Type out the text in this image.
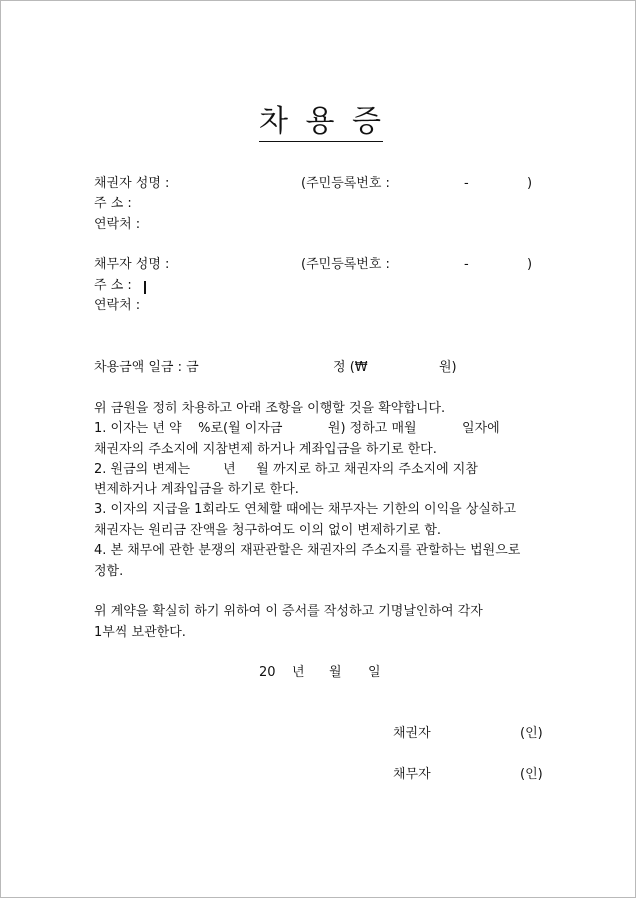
차 용 증
채권자 성명 :	(주민등록번호 :	-	)
주 소 :
연락처 :
채무자 성명 :	(주민등록번호 :	-	)
주 소 :
연락처 :
차용금액 일금 : 금	정 (₩	원)
위 금원을 정히 차용하고 아래 조항을 이행할 것을 확약합니다.
1. 이자는 년 약    %로(월 이자금           원) 정하고 매월           일자에
채권자의 주소지에 지참변제 하거나 계좌입금을 하기로 한다.
2. 원금의 변제는        년     월 까지로 하고 채권자의 주소지에 지참
변제하거나 계좌입금을 하기로 한다.
3. 이자의 지급을 1회라도 연체할 때에는 채무자는 기한의 이익을 상실하고
채권자는 원리금 잔액을 청구하여도 이의 없이 변제하기로 함.
4. 본 채무에 관한 분쟁의 재판관할은 채권자의 주소지를 관할하는 법원으로
정함.
위 계약을 확실히 하기 위하여 이 증서를 작성하고 기명날인하여 각자
1부씩 보관한다.
20 년 월 일
채권자	(인)
채무자	(인)
